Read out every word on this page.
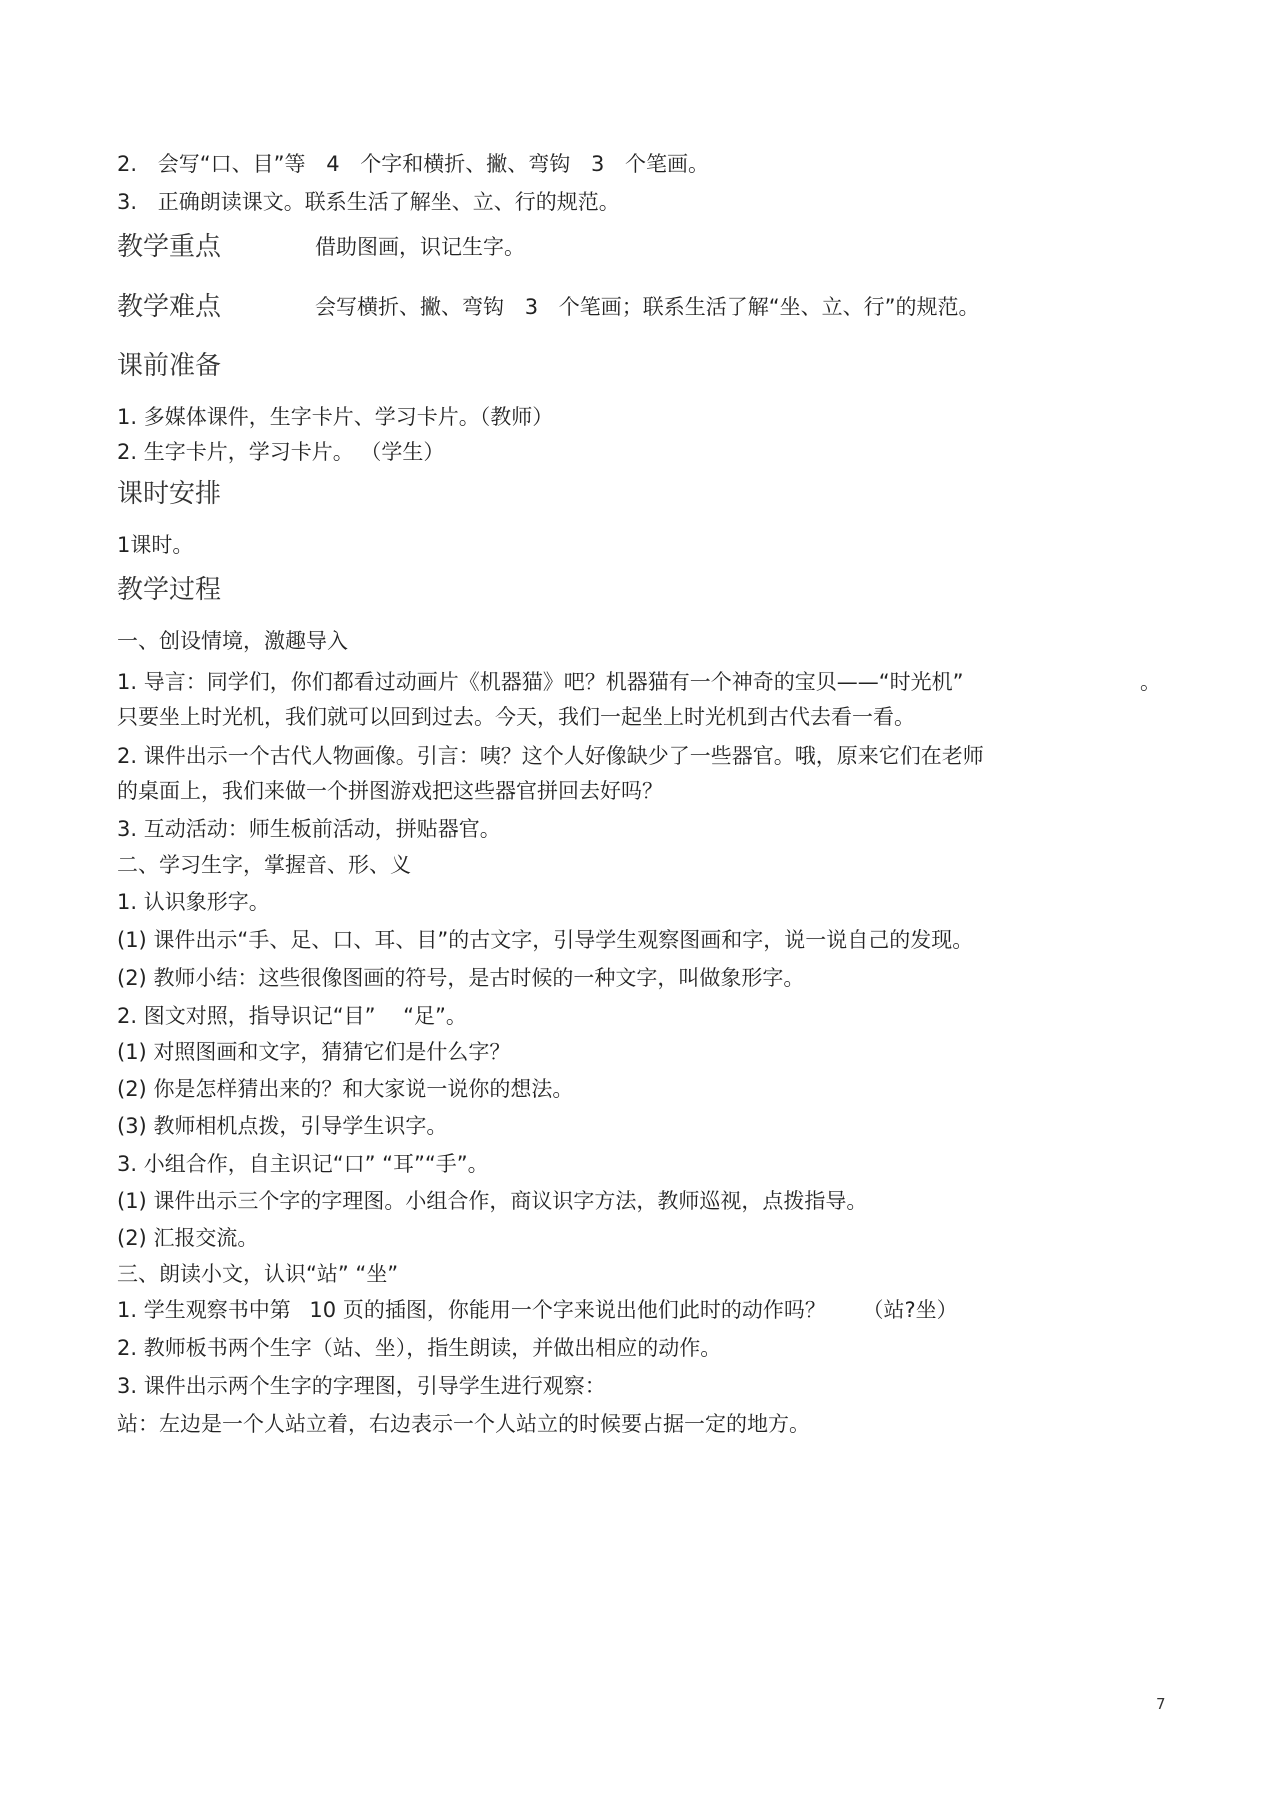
2. 会写“口、目”等 4 个字和横折、撇、弯钩 3 个笔画。
3. 正确朗读课文。联系生活了解坐、立、行的规范。
教学重点	借助图画，识记生字。
教学难点	会写横折、撇、弯钩 3 个笔画；联系生活了解“坐、立、行”的规范。
课前准备
1. 多媒体课件，生字卡片、学习卡片。（教师）
2. 生字卡片，学习卡片。 （学生）
课时安排
1课时。
教学过程
一、创设情境，激趣导入
1. 导言：同学们，你们都看过动画片《机器猫》吧？机器猫有一个神奇的宝贝——“时光机”	。
只要坐上时光机，我们就可以回到过去。今天，我们一起坐上时光机到古代去看一看。
2. 课件出示一个古代人物画像。引言：咦？这个人好像缺少了一些器官。哦，原来它们在老师
的桌面上，我们来做一个拼图游戏把这些器官拼回去好吗？
3. 互动活动：师生板前活动，拼贴器官。
二、学习生字，掌握音、形、义
1. 认识象形字。
(1) 课件出示“手、足、口、耳、目”的古文字，引导学生观察图画和字，说一说自己的发现。
(2) 教师小结：这些很像图画的符号，是古时候的一种文字，叫做象形字。
2. 图文对照，指导识记“目”　 “足”。
(1) 对照图画和文字，猜猜它们是什么字？
(2) 你是怎样猜出来的？和大家说一说你的想法。
(3) 教师相机点拨，引导学生识字。
3. 小组合作，自主识记“口” “耳”“手”。
(1) 课件出示三个字的字理图。小组合作，商议识字方法，教师巡视，点拨指导。
(2) 汇报交流。
三、朗读小文，认识“站” “坐”
1. 学生观察书中第 10 页的插图，你能用一个字来说出他们此时的动作吗？ （站?坐）
2. 教师板书两个生字（站、坐），指生朗读，并做出相应的动作。
3. 课件出示两个生字的字理图，引导学生进行观察：
站：左边是一个人站立着，右边表示一个人站立的时候要占据一定的地方。
7
